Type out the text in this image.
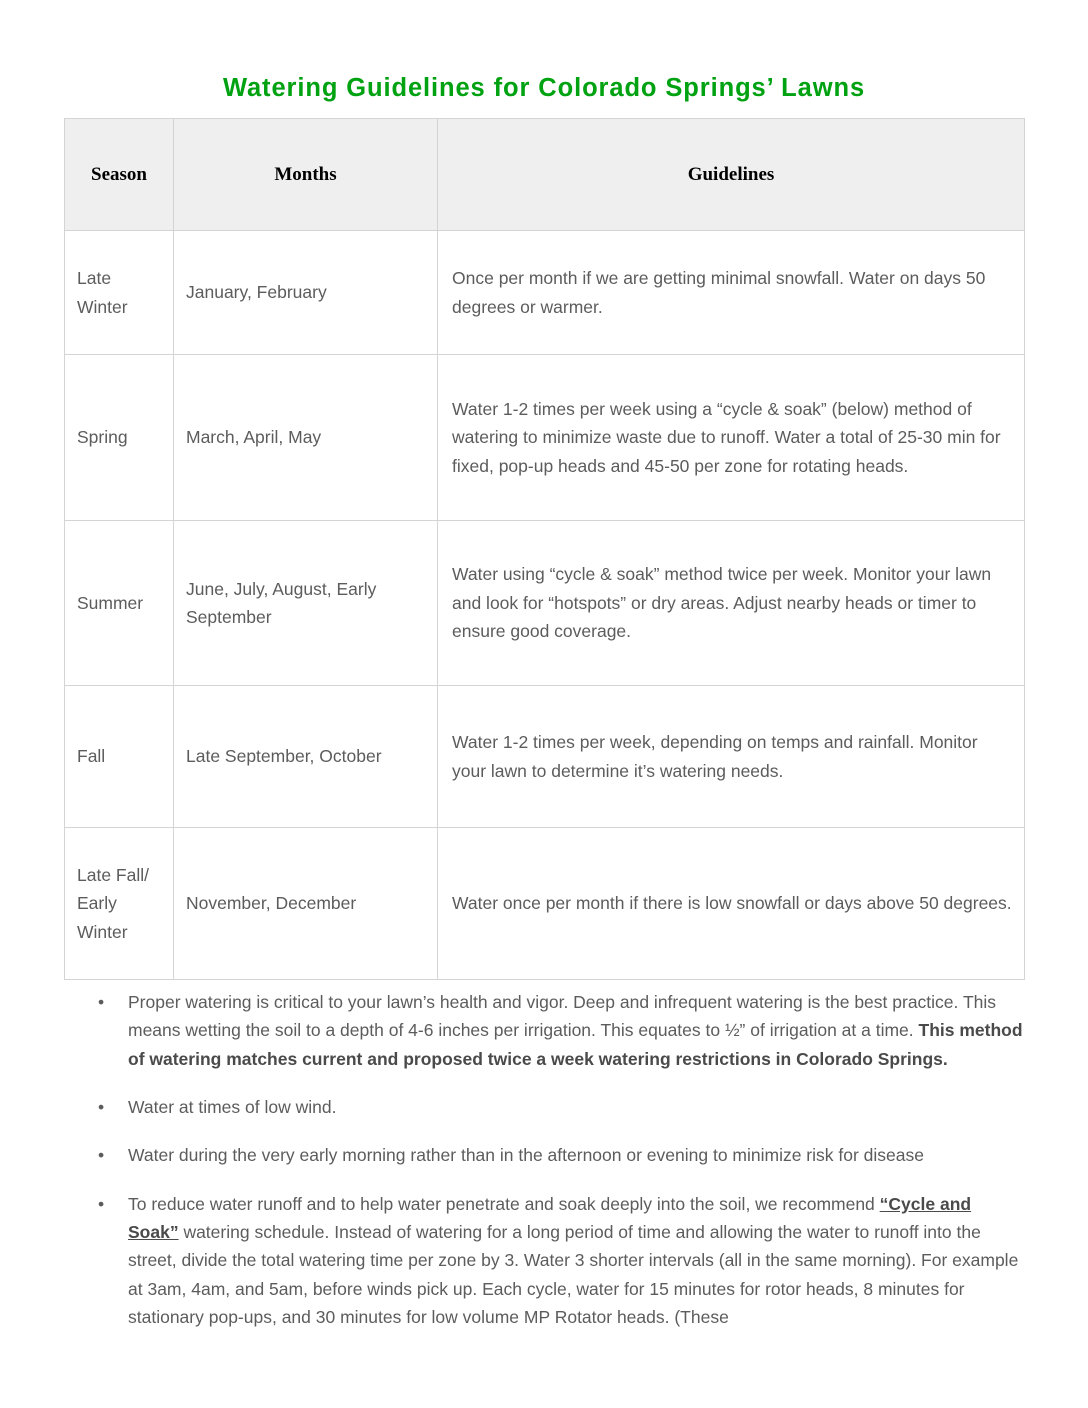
Watering Guidelines for Colorado Springs’ Lawns
Season	Months	Guidelines
Late Winter	January, February	Once per month if we are getting minimal snowfall. Water on days 50 degrees or warmer.
Spring	March, April, May	Water 1-2 times per week using a “cycle & soak” (below) method of watering to minimize waste due to runoff. Water a total of 25-30 min for fixed, pop-up heads and 45-50 per zone for rotating heads.
Summer	June, July, August, Early September	Water using “cycle & soak” method twice per week. Monitor your lawn and look for “hotspots” or dry areas. Adjust nearby heads or timer to ensure good coverage.
Fall	Late September, October	Water 1-2 times per week, depending on temps and rainfall. Monitor your lawn to determine it’s watering needs.
Late Fall/ Early Winter	November, December	Water once per month if there is low snowfall or days above 50 degrees.
• Proper watering is critical to your lawn’s health and vigor. Deep and infrequent watering is the best practice. This means wetting the soil to a depth of 4-6 inches per irrigation. This equates to ½” of irrigation at a time. This method of watering matches current and proposed twice a week watering restrictions in Colorado Springs.
• Water at times of low wind.
• Water during the very early morning rather than in the afternoon or evening to minimize risk for disease
• To reduce water runoff and to help water penetrate and soak deeply into the soil, we recommend “Cycle and Soak” watering schedule. Instead of watering for a long period of time and allowing the water to runoff into the street, divide the total watering time per zone by 3. Water 3 shorter intervals (all in the same morning). For example at 3am, 4am, and 5am, before winds pick up. Each cycle, water for 15 minutes for rotor heads, 8 minutes for stationary pop-ups, and 30 minutes for low volume MP Rotator heads. (These
